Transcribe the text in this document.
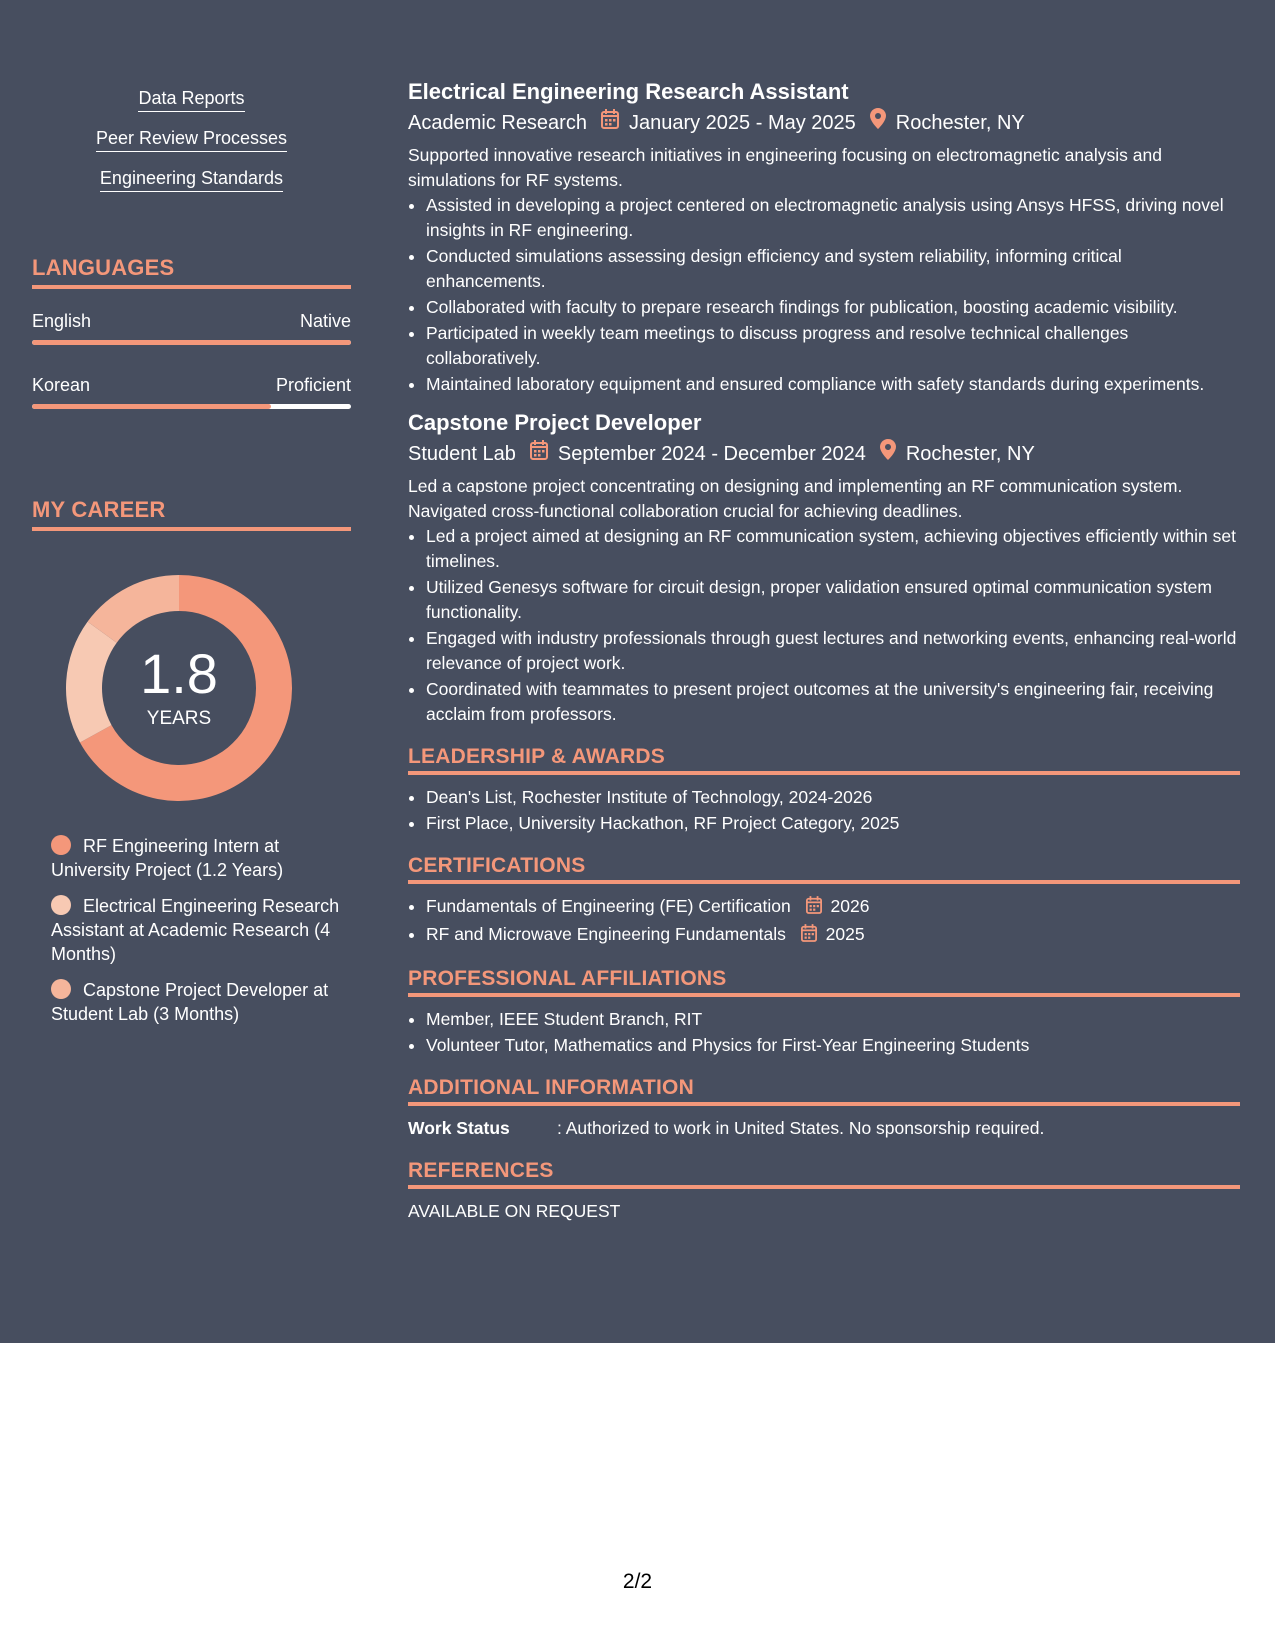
Data Reports
Peer Review Processes
Engineering Standards
LANGUAGES
English	Native
Korean	Proficient
MY CAREER
1.8
YEARS
RF Engineering Intern at University Project (1.2 Years)
Electrical Engineering Research Assistant at Academic Research (4 Months)
Capstone Project Developer at Student Lab (3 Months)
Electrical Engineering Research Assistant
Academic Research January 2025 - May 2025 Rochester, NY
Supported innovative research initiatives in engineering focusing on electromagnetic analysis and simulations for RF systems.
• Assisted in developing a project centered on electromagnetic analysis using Ansys HFSS, driving novel insights in RF engineering.
• Conducted simulations assessing design efficiency and system reliability, informing critical enhancements.
• Collaborated with faculty to prepare research findings for publication, boosting academic visibility.
• Participated in weekly team meetings to discuss progress and resolve technical challenges collaboratively.
• Maintained laboratory equipment and ensured compliance with safety standards during experiments.
Capstone Project Developer
Student Lab September 2024 - December 2024 Rochester, NY
Led a capstone project concentrating on designing and implementing an RF communication system. Navigated cross-functional collaboration crucial for achieving deadlines.
• Led a project aimed at designing an RF communication system, achieving objectives efficiently within set timelines.
• Utilized Genesys software for circuit design, proper validation ensured optimal communication system functionality.
• Engaged with industry professionals through guest lectures and networking events, enhancing real-world relevance of project work.
• Coordinated with teammates to present project outcomes at the university's engineering fair, receiving acclaim from professors.
LEADERSHIP & AWARDS
• Dean's List, Rochester Institute of Technology, 2024-2026
• First Place, University Hackathon, RF Project Category, 2025
CERTIFICATIONS
• Fundamentals of Engineering (FE) Certification 2026
• RF and Microwave Engineering Fundamentals 2025
PROFESSIONAL AFFILIATIONS
• Member, IEEE Student Branch, RIT
• Volunteer Tutor, Mathematics and Physics for First-Year Engineering Students
ADDITIONAL INFORMATION
Work Status	: Authorized to work in United States. No sponsorship required.
REFERENCES
AVAILABLE ON REQUEST
2/2
